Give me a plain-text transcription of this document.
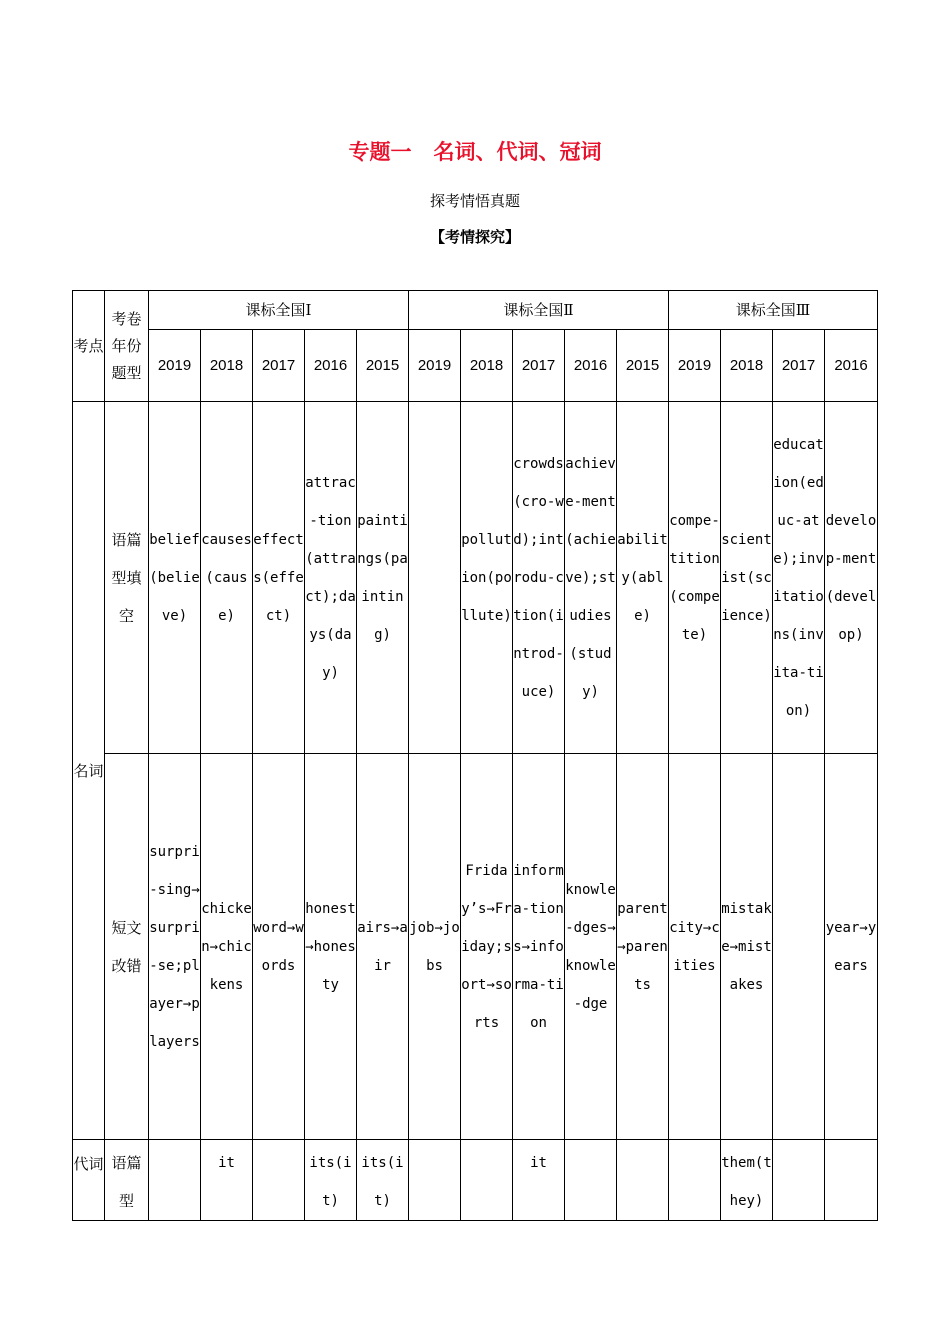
专题一 名词、代词、冠词
探考情悟真题
【考情探究】
考点	考卷年份题型	课标全国Ⅰ					课标全国Ⅱ					课标全国Ⅲ			
		2019	2018	2017	2016	2015	2019	2018	2017	2016	2015	2019	2018	2017	2016
名词	语篇型填空	belief(believe)	causes(cause)	effects(effect)	attrac-tion(attract);days(day)	paintings(painting)		pollution(pollute)	crowds(cro-wd);introdu-ction(introd-uce)	achieve-ment(achieve);studies(study)	ability(able)	compe-tition(compete)	scientist(science)	educat ion(educ-ate);invitations(invita-tion)	develop-ment(develop)
	短文改错	surpri-sing→surpri-se;player→players	chicken→chickens	word→words	honest→honesty	airs→air	job→jobs	Friday’s→Friday;sort→sorts	informa-tions→informa-tion	knowle-dges→knowle-dge	parent→parents	city→cities	mistake→mistakes		year→years
代词	语篇型		it		its(it)	its(it)			it				them(they)		
